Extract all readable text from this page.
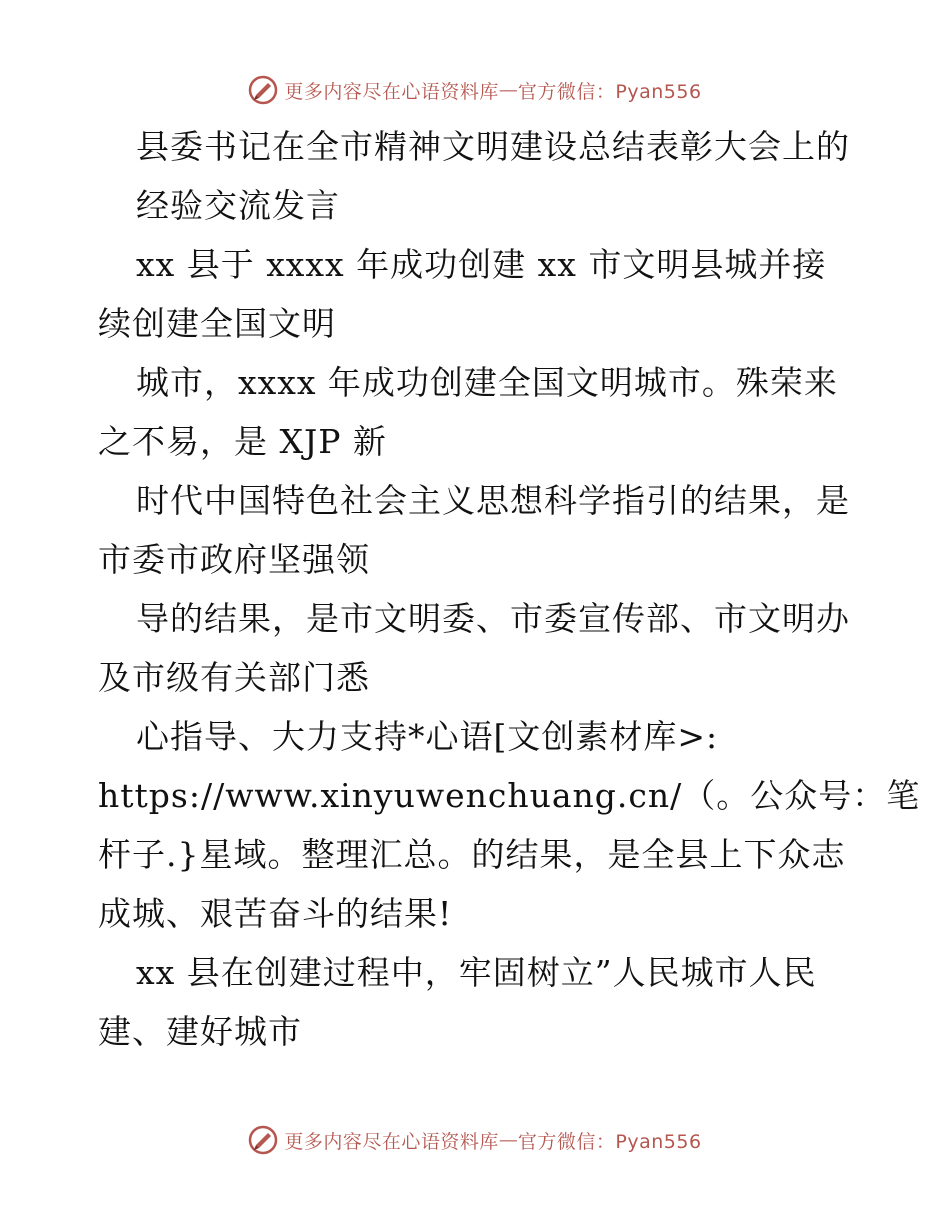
更多内容尽在心语资料库 — 官方微信：Pyan556
县委书记在全市精神文明建设总结表彰大会上的
经验交流发言
xx 县于 xxxx 年成功创建 xx 市文明县城并接
续创建全国文明
城市，xxxx 年成功创建全国文明城市。殊荣来
之不易，是 XJP 新
时代中国特色社会主义思想科学指引的结果，是
市委市政府坚强领
导的结果，是市文明委、市委宣传部、市文明办
及市级有关部门悉
心指导、大力支持*心语[文创素材库>:
https://www.xinyuwenchuang.cn/（。公众号：笔
杆子.}星域。整理汇总。的结果，是全县上下众志
成城、艰苦奋斗的结果!
xx 县在创建过程中，牢固树立”人民城市人民
建、建好城市
更多内容尽在心语资料库 — 官方微信：Pyan556
